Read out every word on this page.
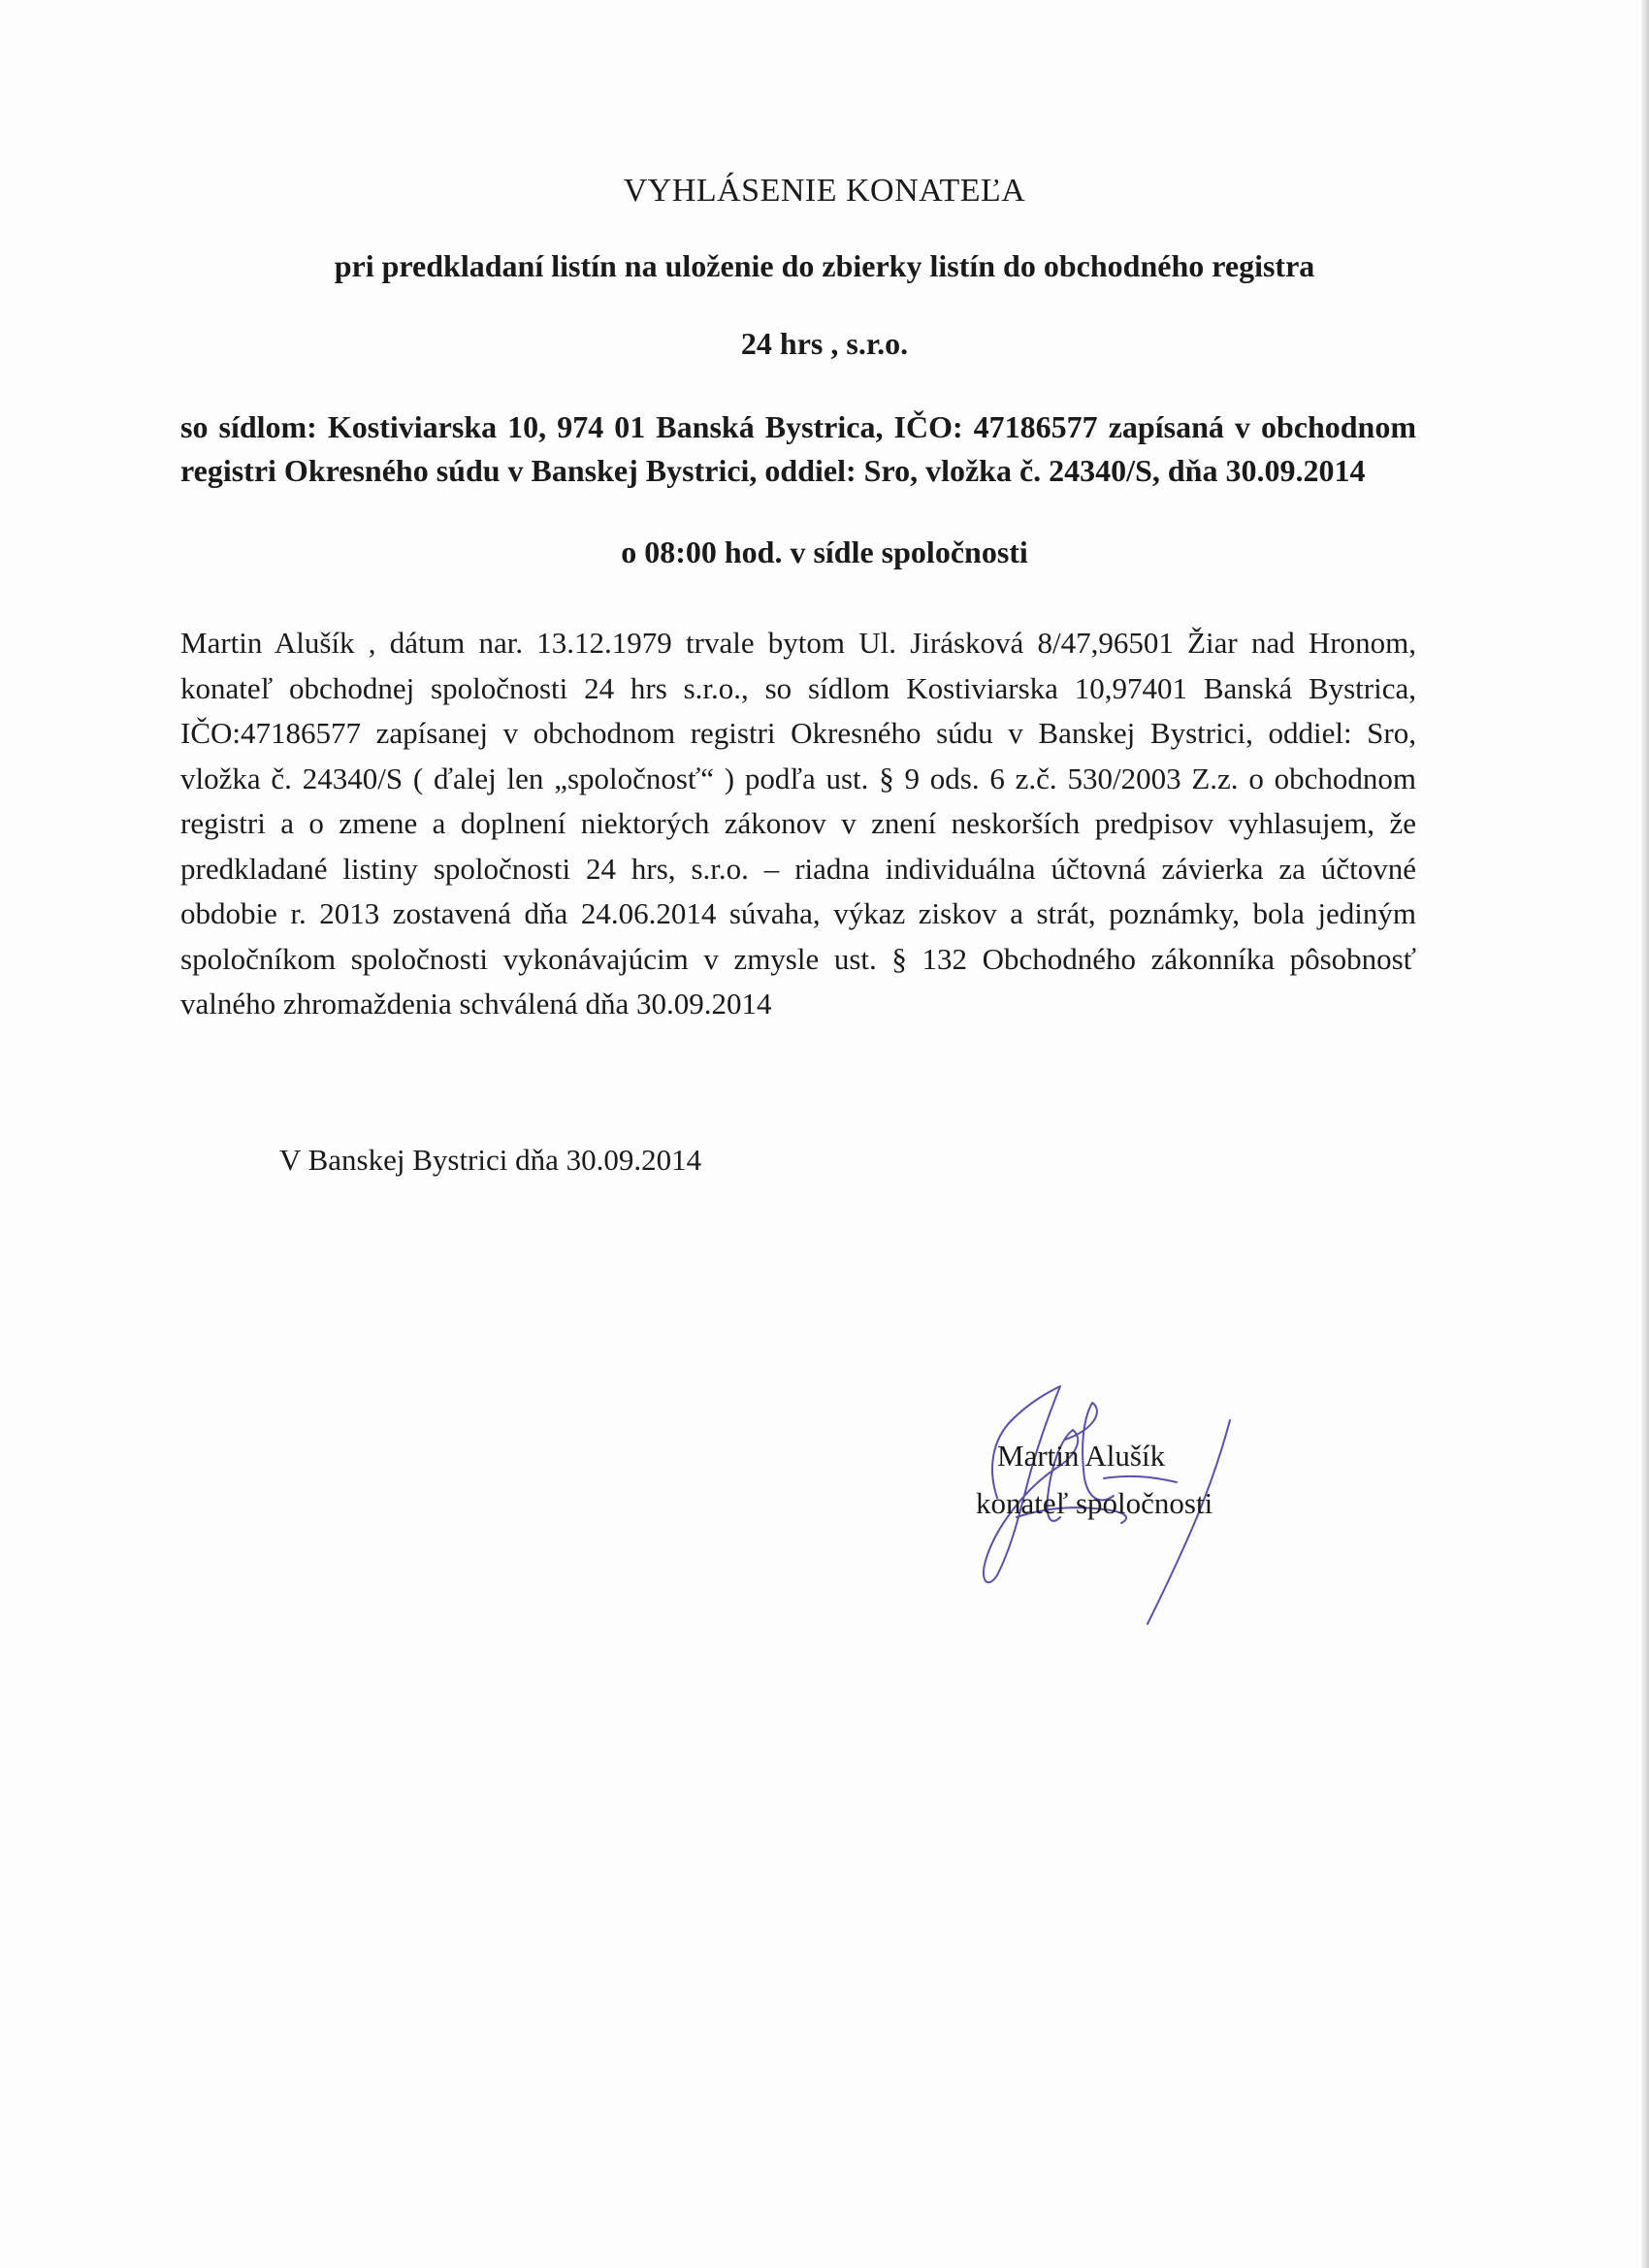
VYHLÁSENIE KONATEĽA
pri predkladaní listín na uloženie do zbierky listín do obchodného registra
24 hrs , s.r.o.
so sídlom: Kostiviarska 10, 974 01 Banská Bystrica, IČO: 47186577 zapísaná v obchodnom registri Okresného súdu v Banskej Bystrici, oddiel: Sro, vložka č. 24340/S, dňa 30.09.2014
o 08:00 hod. v sídle spoločnosti
Martin Alušík , dátum nar. 13.12.1979 trvale bytom Ul. Jirásková 8/47,96501 Žiar nad Hronom, konateľ obchodnej spoločnosti 24 hrs s.r.o., so sídlom Kostiviarska 10,97401 Banská Bystrica, IČO:47186577 zapísanej v obchodnom registri Okresného súdu v Banskej Bystrici, oddiel: Sro, vložka č. 24340/S ( ďalej len „spoločnosť“ ) podľa ust. § 9 ods. 6 z.č. 530/2003 Z.z. o obchodnom registri a o zmene a doplnení niektorých zákonov v znení neskorších predpisov vyhlasujem, že predkladané listiny spoločnosti 24 hrs, s.r.o. – riadna individuálna účtovná závierka za účtovné obdobie r. 2013 zostavená dňa 24.06.2014 súvaha, výkaz ziskov a strát, poznámky, bola jediným spoločníkom spoločnosti vykonávajúcim v zmysle ust. § 132 Obchodného zákonníka pôsobnosť valného zhromaždenia schválená dňa 30.09.2014
V Banskej Bystrici dňa 30.09.2014
Martin Alušík
konateľ spoločnosti
